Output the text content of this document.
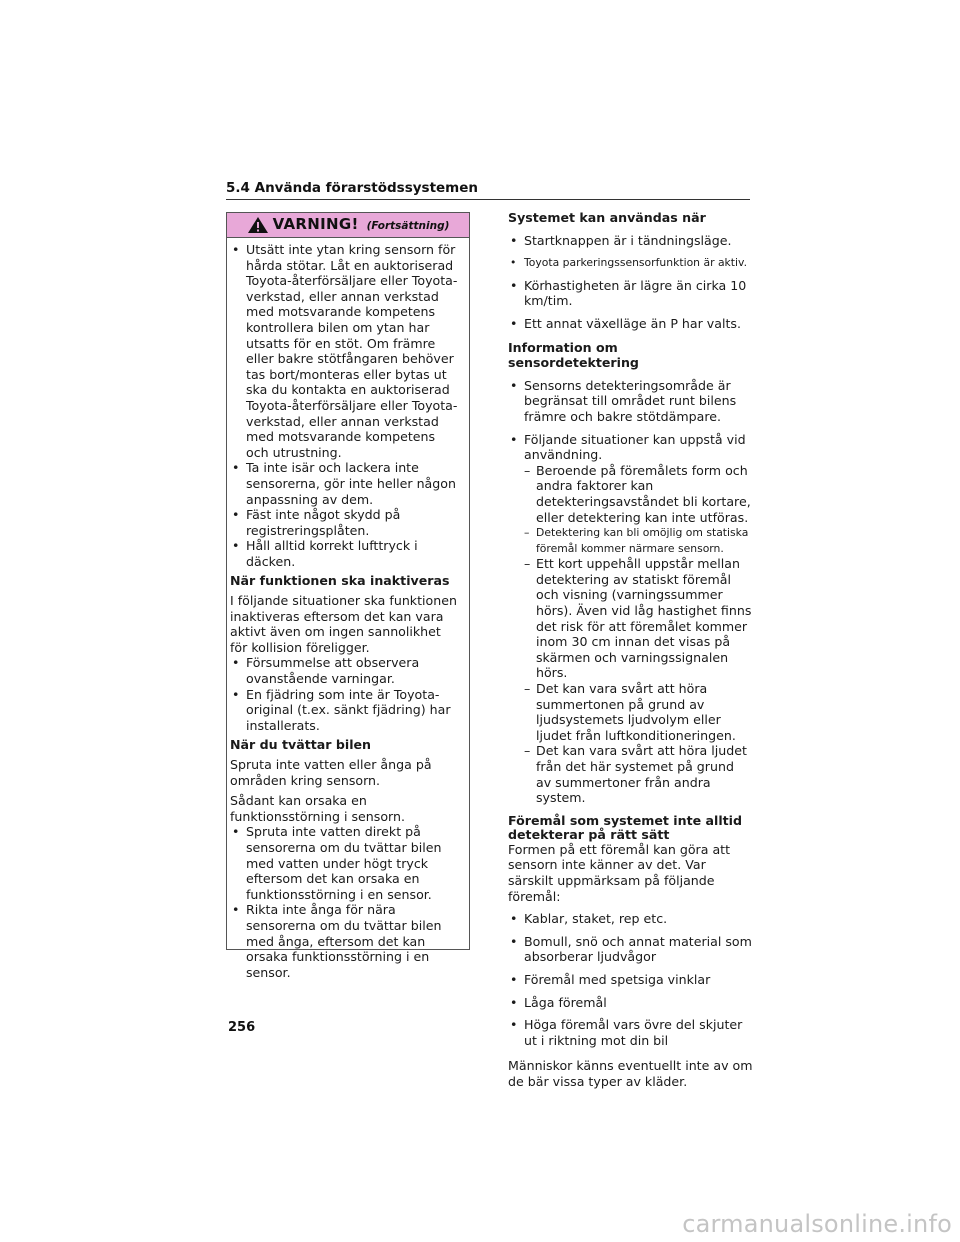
5.4 Använda förarstödssystemen
VARNING! (Fortsättning)
• Utsätt inte ytan kring sensorn för hårda stötar. Låt en auktoriserad Toyota-återförsäljare eller Toyota-verkstad, eller annan verkstad med motsvarande kompetens kontrollera bilen om ytan har utsatts för en stöt. Om främre eller bakre stötfångaren behöver tas bort/monteras eller bytas ut ska du kontakta en auktoriserad Toyota-återförsäljare eller Toyota-verkstad, eller annan verkstad med motsvarande kompetens och utrustning.
• Ta inte isär och lackera inte sensorerna, gör inte heller någon anpassning av dem.
• Fäst inte något skydd på registreringsplåten.
• Håll alltid korrekt lufttryck i däcken.

När funktionen ska inaktiveras

I följande situationer ska funktionen inaktiveras eftersom det kan vara aktivt även om ingen sannolikhet för kollision föreligger.

• Försummelse att observera ovanstående varningar.
• En fjädring som inte är Toyota-original (t.ex. sänkt fjädring) har installerats.

När du tvättar bilen

Spruta inte vatten eller ånga på områden kring sensorn.

Sådant kan orsaka en funktionsstörning i sensorn.

• Spruta inte vatten direkt på sensorerna om du tvättar bilen med vatten under högt tryck eftersom det kan orsaka en funktionsstörning i en sensor.
• Rikta inte ånga för nära sensorerna om du tvättar bilen med ånga, eftersom det kan orsaka funktionsstörning i en sensor.

Systemet kan användas när

• Startknappen är i tändningsläge.
• Toyota parkeringssensorfunktion är aktiv.
• Körhastigheten är lägre än cirka 10 km/tim.
• Ett annat växelläge än P har valts.

Information om sensordetektering

• Sensorns detekteringsområde är begränsat till området runt bilens främre och bakre stötdämpare.
• Följande situationer kan uppstå vid användning.
– Beroende på föremålets form och andra faktorer kan detekteringsavståndet bli kortare, eller detektering kan inte utföras.
– Detektering kan bli omöjlig om statiska föremål kommer närmare sensorn.
– Ett kort uppehåll uppstår mellan detektering av statiskt föremål och visning (varningssummer hörs). Även vid låg hastighet finns det risk för att föremålet kommer inom 30 cm innan det visas på skärmen och varningssignalen hörs.
– Det kan vara svårt att höra summertonen på grund av ljudsystemets ljudvolym eller ljudet från luftkonditioneringen.
– Det kan vara svårt att höra ljudet från det här systemet på grund av summertoner från andra system.

Föremål som systemet inte alltid detekterar på rätt sätt

Formen på ett föremål kan göra att sensorn inte känner av det. Var särskilt uppmärksam på följande föremål:

• Kablar, staket, rep etc.
• Bomull, snö och annat material som absorberar ljudvågor
• Föremål med spetsiga vinklar
• Låga föremål
• Höga föremål vars övre del skjuter ut i riktning mot din bil

Människor känns eventuellt inte av om de bär vissa typer av kläder.

256
carmanualsonline.info
